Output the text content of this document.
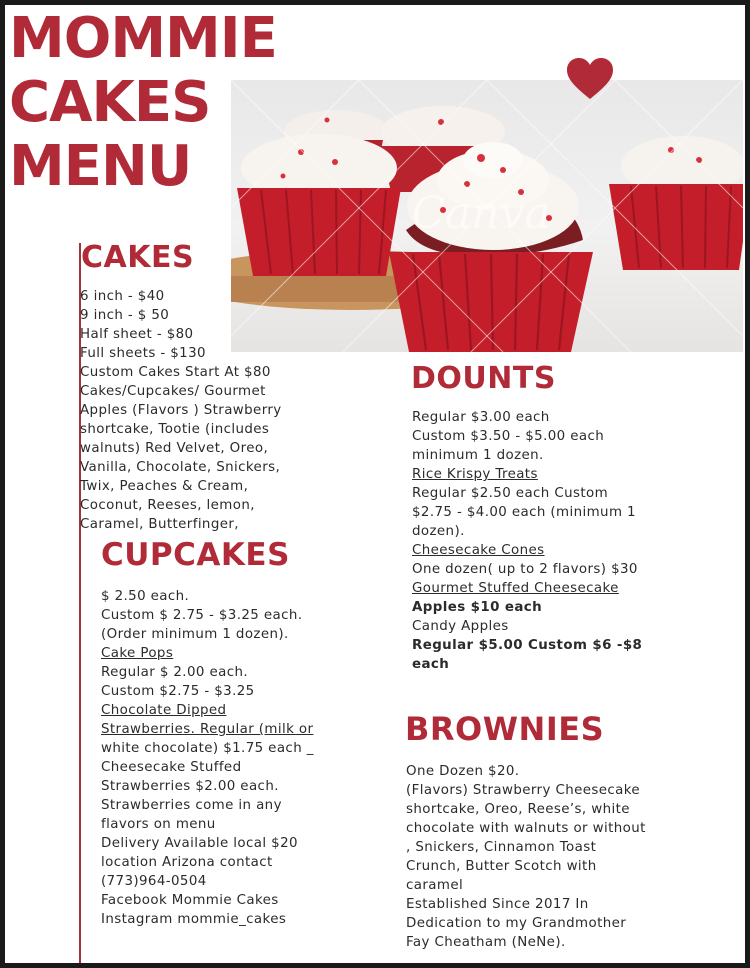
MOMMIE
CAKES
MENU
Canva
CAKES
6 inch - $40
9 inch - $ 50
Half sheet - $80
Full sheets - $130
Custom Cakes Start At $80
Cakes/Cupcakes/ Gourmet
Apples (Flavors ) Strawberry
shortcake, Tootie (includes
walnuts) Red Velvet, Oreo,
Vanilla, Chocolate, Snickers,
Twix, Peaches & Cream,
Coconut, Reeses, lemon,
Caramel, Butterfinger,
CUPCAKES
$ 2.50 each.
Custom $ 2.75 - $3.25 each.
(Order minimum 1 dozen).
Cake Pops
Regular $ 2.00 each.
Custom $2.75 - $3.25
Chocolate Dipped
Strawberries. Regular (milk or
white chocolate) $1.75 each _
Cheesecake Stuffed
Strawberries $2.00 each.
Strawberries come in any
flavors on menu
Delivery Available local $20
location Arizona contact
(773)964-0504
Facebook Mommie Cakes
Instagram mommie_cakes
DOUNTS
Regular $3.00 each
Custom $3.50 - $5.00 each
minimum 1 dozen.
Rice Krispy Treats
Regular $2.50 each Custom
$2.75 - $4.00 each (minimum 1
dozen).
Cheesecake Cones
One dozen( up to 2 flavors) $30
Gourmet Stuffed Cheesecake
Apples $10 each
Candy Apples
Regular $5.00 Custom $6 -$8
each
BROWNIES
One Dozen $20.
(Flavors) Strawberry Cheesecake
shortcake, Oreo, Reese’s, white
chocolate with walnuts or without
, Snickers, Cinnamon Toast
Crunch, Butter Scotch with
caramel
Established Since 2017 In
Dedication to my Grandmother
Fay Cheatham (NeNe).
